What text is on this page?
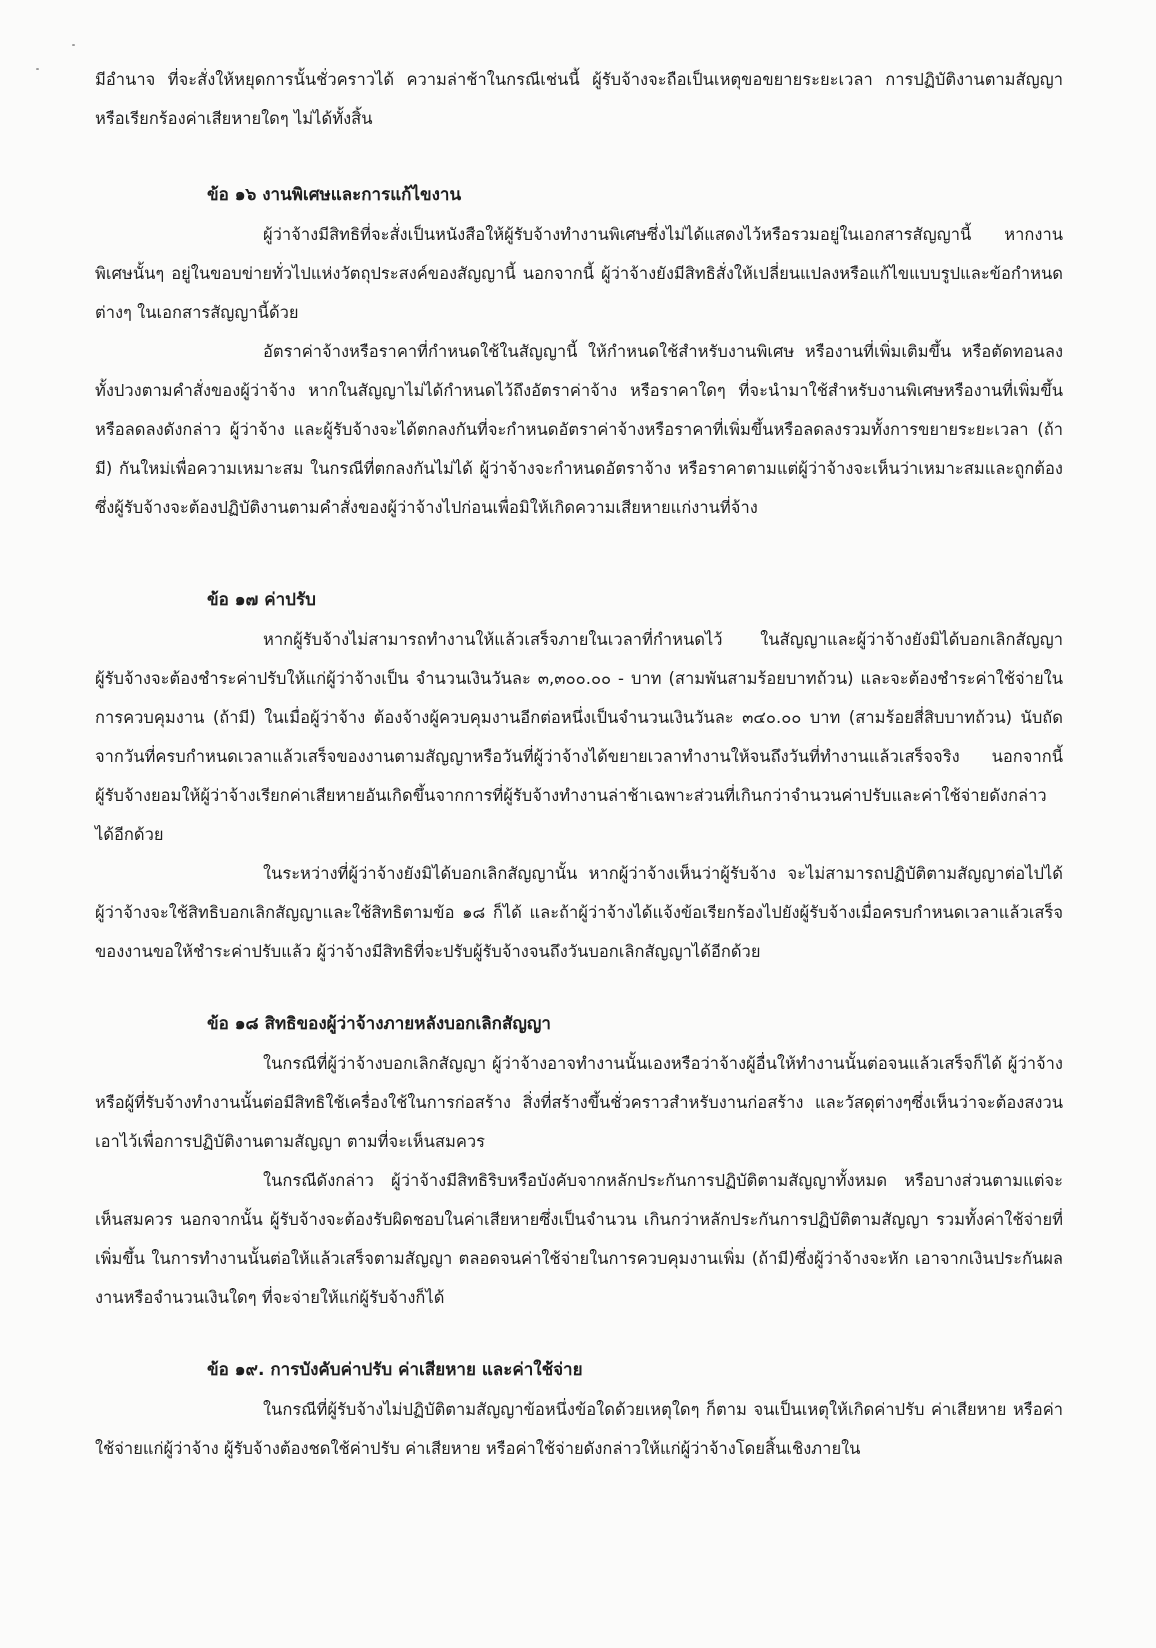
มีอำนาจ ที่จะสั่งให้หยุดการนั้นชั่วคราวได้ ความล่าช้าในกรณีเช่นนี้ ผู้รับจ้างจะถือเป็นเหตุขอขยายระยะเวลา การปฏิบัติงานตามสัญญาหรือเรียกร้องค่าเสียหายใดๆ ไม่ได้ทั้งสิ้น

ข้อ ๑๖ งานพิเศษและการแก้ไขงาน

ผู้ว่าจ้างมีสิทธิที่จะสั่งเป็นหนังสือให้ผู้รับจ้างทำงานพิเศษซึ่งไม่ได้แสดงไว้หรือรวมอยู่ในเอกสารสัญญานี้ หากงานพิเศษนั้นๆ อยู่ในขอบข่ายทั่วไปแห่งวัตถุประสงค์ของสัญญานี้ นอกจากนี้ ผู้ว่าจ้างยังมีสิทธิสั่งให้เปลี่ยนแปลงหรือแก้ไขแบบรูปและข้อกำหนดต่างๆ ในเอกสารสัญญานี้ด้วย

อัตราค่าจ้างหรือราคาที่กำหนดใช้ในสัญญานี้ ให้กำหนดใช้สำหรับงานพิเศษ หรืองานที่เพิ่มเติมขึ้น หรือตัดทอนลงทั้งปวงตามคำสั่งของผู้ว่าจ้าง หากในสัญญาไม่ได้กำหนดไว้ถึงอัตราค่าจ้าง หรือราคาใดๆ ที่จะนำมาใช้สำหรับงานพิเศษหรืองานที่เพิ่มขึ้นหรือลดลงดังกล่าว ผู้ว่าจ้าง และผู้รับจ้างจะได้ตกลงกันที่จะกำหนดอัตราค่าจ้างหรือราคาที่เพิ่มขึ้นหรือลดลงรวมทั้งการขยายระยะเวลา (ถ้ามี) กันใหม่เพื่อความเหมาะสม ในกรณีที่ตกลงกันไม่ได้ ผู้ว่าจ้างจะกำหนดอัตราจ้าง หรือราคาตามแต่ผู้ว่าจ้างจะเห็นว่าเหมาะสมและถูกต้อง ซึ่งผู้รับจ้างจะต้องปฏิบัติงานตามคำสั่งของผู้ว่าจ้างไปก่อนเพื่อมิให้เกิดความเสียหายแก่งานที่จ้าง

ข้อ ๑๗ ค่าปรับ

หากผู้รับจ้างไม่สามารถทำงานให้แล้วเสร็จภายในเวลาที่กำหนดไว้ ในสัญญาและผู้ว่าจ้างยังมิได้บอกเลิกสัญญา ผู้รับจ้างจะต้องชำระค่าปรับให้แก่ผู้ว่าจ้างเป็น จำนวนเงินวันละ ๓,๓๐๐.๐๐ - บาท (สามพันสามร้อยบาทถ้วน) และจะต้องชำระค่าใช้จ่ายในการควบคุมงาน (ถ้ามี) ในเมื่อผู้ว่าจ้าง ต้องจ้างผู้ควบคุมงานอีกต่อหนึ่งเป็นจำนวนเงินวันละ ๓๔๐.๐๐ บาท (สามร้อยสี่สิบบาทถ้วน) นับถัดจากวันที่ครบกำหนดเวลาแล้วเสร็จของงานตามสัญญาหรือวันที่ผู้ว่าจ้างได้ขยายเวลาทำงานให้จนถึงวันที่ทำงานแล้วเสร็จจริง นอกจากนี้ ผู้รับจ้างยอมให้ผู้ว่าจ้างเรียกค่าเสียหายอันเกิดขึ้นจากการที่ผู้รับจ้างทำงานล่าช้าเฉพาะส่วนที่เกินกว่าจำนวนค่าปรับและค่าใช้จ่ายดังกล่าวได้อีกด้วย

ในระหว่างที่ผู้ว่าจ้างยังมิได้บอกเลิกสัญญานั้น หากผู้ว่าจ้างเห็นว่าผู้รับจ้าง จะไม่สามารถปฏิบัติตามสัญญาต่อไปได้ ผู้ว่าจ้างจะใช้สิทธิบอกเลิกสัญญาและใช้สิทธิตามข้อ ๑๘ ก็ได้ และถ้าผู้ว่าจ้างได้แจ้งข้อเรียกร้องไปยังผู้รับจ้างเมื่อครบกำหนดเวลาแล้วเสร็จของงานขอให้ชำระค่าปรับแล้ว ผู้ว่าจ้างมีสิทธิที่จะปรับผู้รับจ้างจนถึงวันบอกเลิกสัญญาได้อีกด้วย

ข้อ ๑๘ สิทธิของผู้ว่าจ้างภายหลังบอกเลิกสัญญา

ในกรณีที่ผู้ว่าจ้างบอกเลิกสัญญา ผู้ว่าจ้างอาจทำงานนั้นเองหรือว่าจ้างผู้อื่นให้ทำงานนั้นต่อจนแล้วเสร็จก็ได้ ผู้ว่าจ้างหรือผู้ที่รับจ้างทำงานนั้นต่อมีสิทธิใช้เครื่องใช้ในการก่อสร้าง สิ่งที่สร้างขึ้นชั่วคราวสำหรับงานก่อสร้าง และวัสดุต่างๆซึ่งเห็นว่าจะต้องสงวนเอาไว้เพื่อการปฏิบัติงานตามสัญญา ตามที่จะเห็นสมควร

ในกรณีดังกล่าว ผู้ว่าจ้างมีสิทธิริบหรือบังคับจากหลักประกันการปฏิบัติตามสัญญาทั้งหมด หรือบางส่วนตามแต่จะเห็นสมควร นอกจากนั้น ผู้รับจ้างจะต้องรับผิดชอบในค่าเสียหายซึ่งเป็นจำนวน เกินกว่าหลักประกันการปฏิบัติตามสัญญา รวมทั้งค่าใช้จ่ายที่เพิ่มขึ้น ในการทำงานนั้นต่อให้แล้วเสร็จตามสัญญา ตลอดจนค่าใช้จ่ายในการควบคุมงานเพิ่ม (ถ้ามี)ซึ่งผู้ว่าจ้างจะหัก เอาจากเงินประกันผลงานหรือจำนวนเงินใดๆ ที่จะจ่ายให้แก่ผู้รับจ้างก็ได้

ข้อ ๑๙. การบังคับค่าปรับ ค่าเสียหาย และค่าใช้จ่าย

ในกรณีที่ผู้รับจ้างไม่ปฏิบัติตามสัญญาข้อหนึ่งข้อใดด้วยเหตุใดๆ ก็ตาม จนเป็นเหตุให้เกิดค่าปรับ ค่าเสียหาย หรือค่าใช้จ่ายแก่ผู้ว่าจ้าง ผู้รับจ้างต้องชดใช้ค่าปรับ ค่าเสียหาย หรือค่าใช้จ่ายดังกล่าวให้แก่ผู้ว่าจ้างโดยสิ้นเชิงภายใน
